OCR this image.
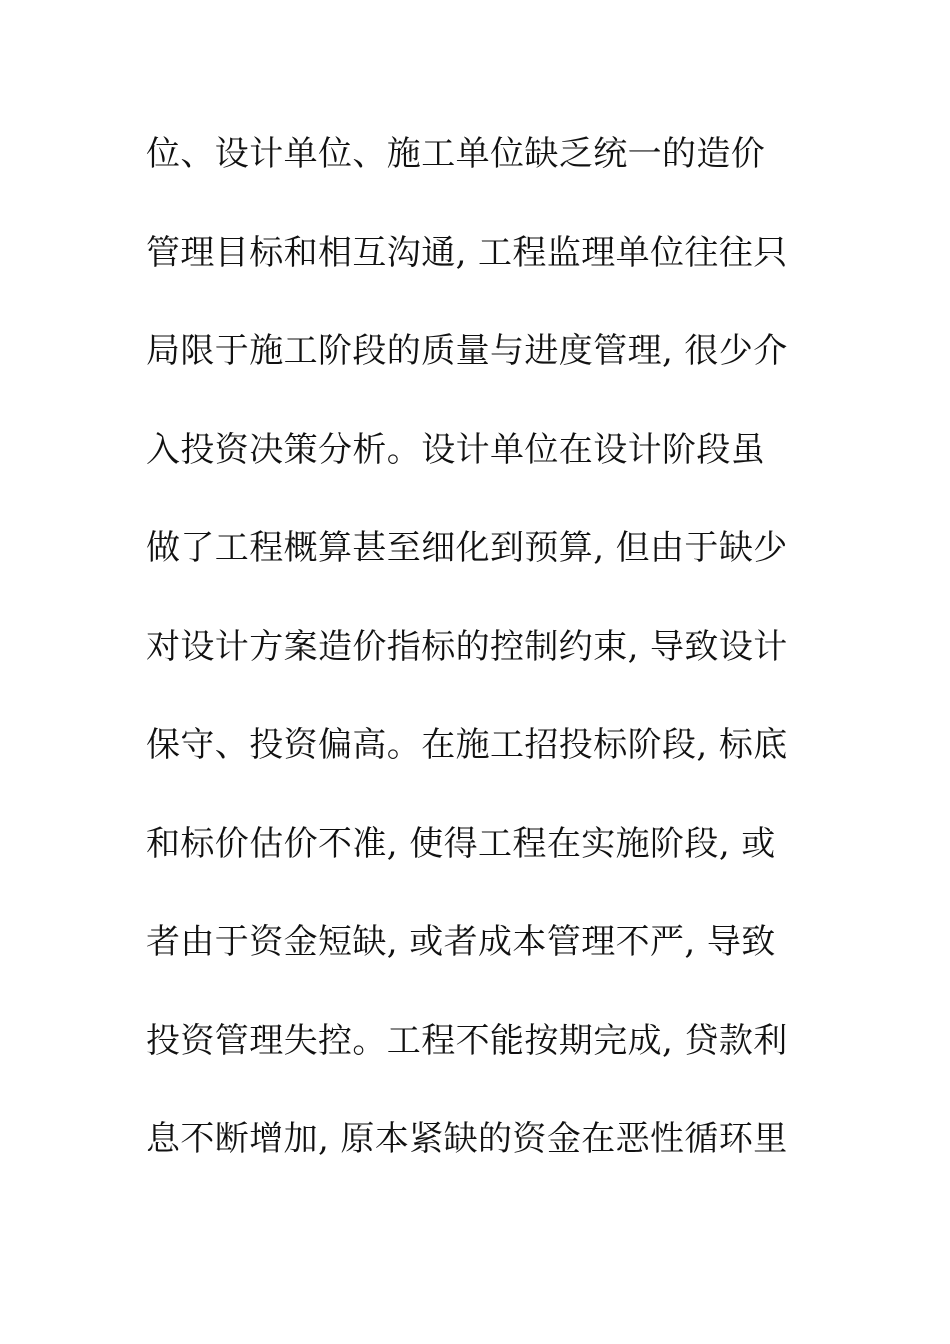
位、设计单位、施工单位缺乏统一的造价
管理目标和相互沟通, 工程监理单位往往只
局限于施工阶段的质量与进度管理, 很少介
入投资决策分析。设计单位在设计阶段虽
做了工程概算甚至细化到预算, 但由于缺少
对设计方案造价指标的控制约束, 导致设计
保守、投资偏高。在施工招投标阶段, 标底
和标价估价不准, 使得工程在实施阶段, 或
者由于资金短缺, 或者成本管理不严, 导致
投资管理失控。工程不能按期完成, 贷款利
息不断增加, 原本紧缺的资金在恶性循环里
